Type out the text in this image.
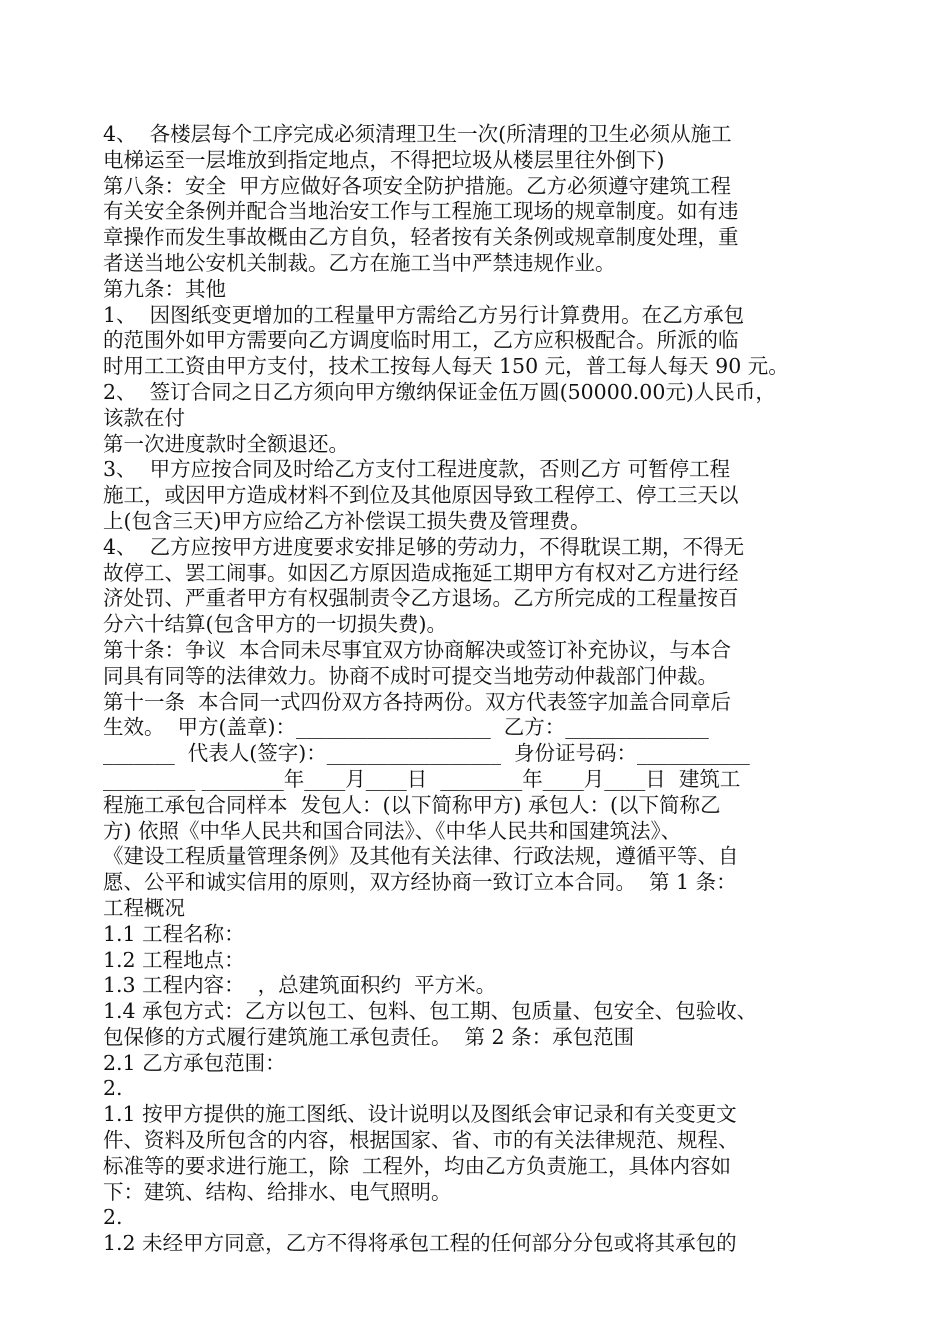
4、  各楼层每个工序完成必须清理卫生一次(所清理的卫生必须从施工
电梯运至一层堆放到指定地点，不得把垃圾从楼层里往外倒下)
第八条：安全  甲方应做好各项安全防护措施。乙方必须遵守建筑工程
有关安全条例并配合当地治安工作与工程施工现场的规章制度。如有违
章操作而发生事故概由乙方自负，轻者按有关条例或规章制度处理，重
者送当地公安机关制裁。乙方在施工当中严禁违规作业。
第九条：其他
1、  因图纸变更增加的工程量甲方需给乙方另行计算费用。在乙方承包
的范围外如甲方需要向乙方调度临时用工，乙方应积极配合。所派的临
时用工工资由甲方支付，技术工按每人每天 150 元，普工每人每天 90 元。
2、  签订合同之日乙方须向甲方缴纳保证金伍万圆(50000.00元)人民币，
该款在付
第一次进度款时全额退还。
3、  甲方应按合同及时给乙方支付工程进度款，否则乙方 可暂停工程
施工，或因甲方造成材料不到位及其他原因导致工程停工、停工三天以
上(包含三天)甲方应给乙方补偿误工损失费及管理费。
4、  乙方应按甲方进度要求安排足够的劳动力，不得耽误工期，不得无
故停工、罢工闹事。如因乙方原因造成拖延工期甲方有权对乙方进行经
济处罚、严重者甲方有权强制责令乙方退场。乙方所完成的工程量按百
分六十结算(包含甲方的一切损失费)。
第十条：争议  本合同未尽事宜双方协商解决或签订补充协议，与本合
同具有同等的法律效力。协商不成时可提交当地劳动仲裁部门仲裁。
第十一条  本合同一式四份双方各持两份。双方代表签字加盖合同章后
生效。  甲方(盖章)：___________________  乙方：______________
_______  代表人(签字)：_________________  身份证号码：___________
_________ ________年____月____日  ________年____月____日  建筑工
程施工承包合同样本  发包人：(以下简称甲方) 承包人：(以下简称乙
方) 依照《中华人民共和国合同法》、《中华人民共和国建筑法》、
《建设工程质量管理条例》及其他有关法律、行政法规，遵循平等、自
愿、公平和诚实信用的原则，双方经协商一致订立本合同。  第 1 条：
工程概况
1.1 工程名称：
1.2 工程地点：
1.3 工程内容：  ，总建筑面积约  平方米。
1.4 承包方式：乙方以包工、包料、包工期、包质量、包安全、包验收、
包保修的方式履行建筑施工承包责任。  第 2 条：承包范围
2.1 乙方承包范围：
2.
1.1 按甲方提供的施工图纸、设计说明以及图纸会审记录和有关变更文
件、资料及所包含的内容，根据国家、省、市的有关法律规范、规程、
标准等的要求进行施工，除  工程外，均由乙方负责施工，具体内容如
下：建筑、结构、给排水、电气照明。
2.
1.2 未经甲方同意，乙方不得将承包工程的任何部分分包或将其承包的
